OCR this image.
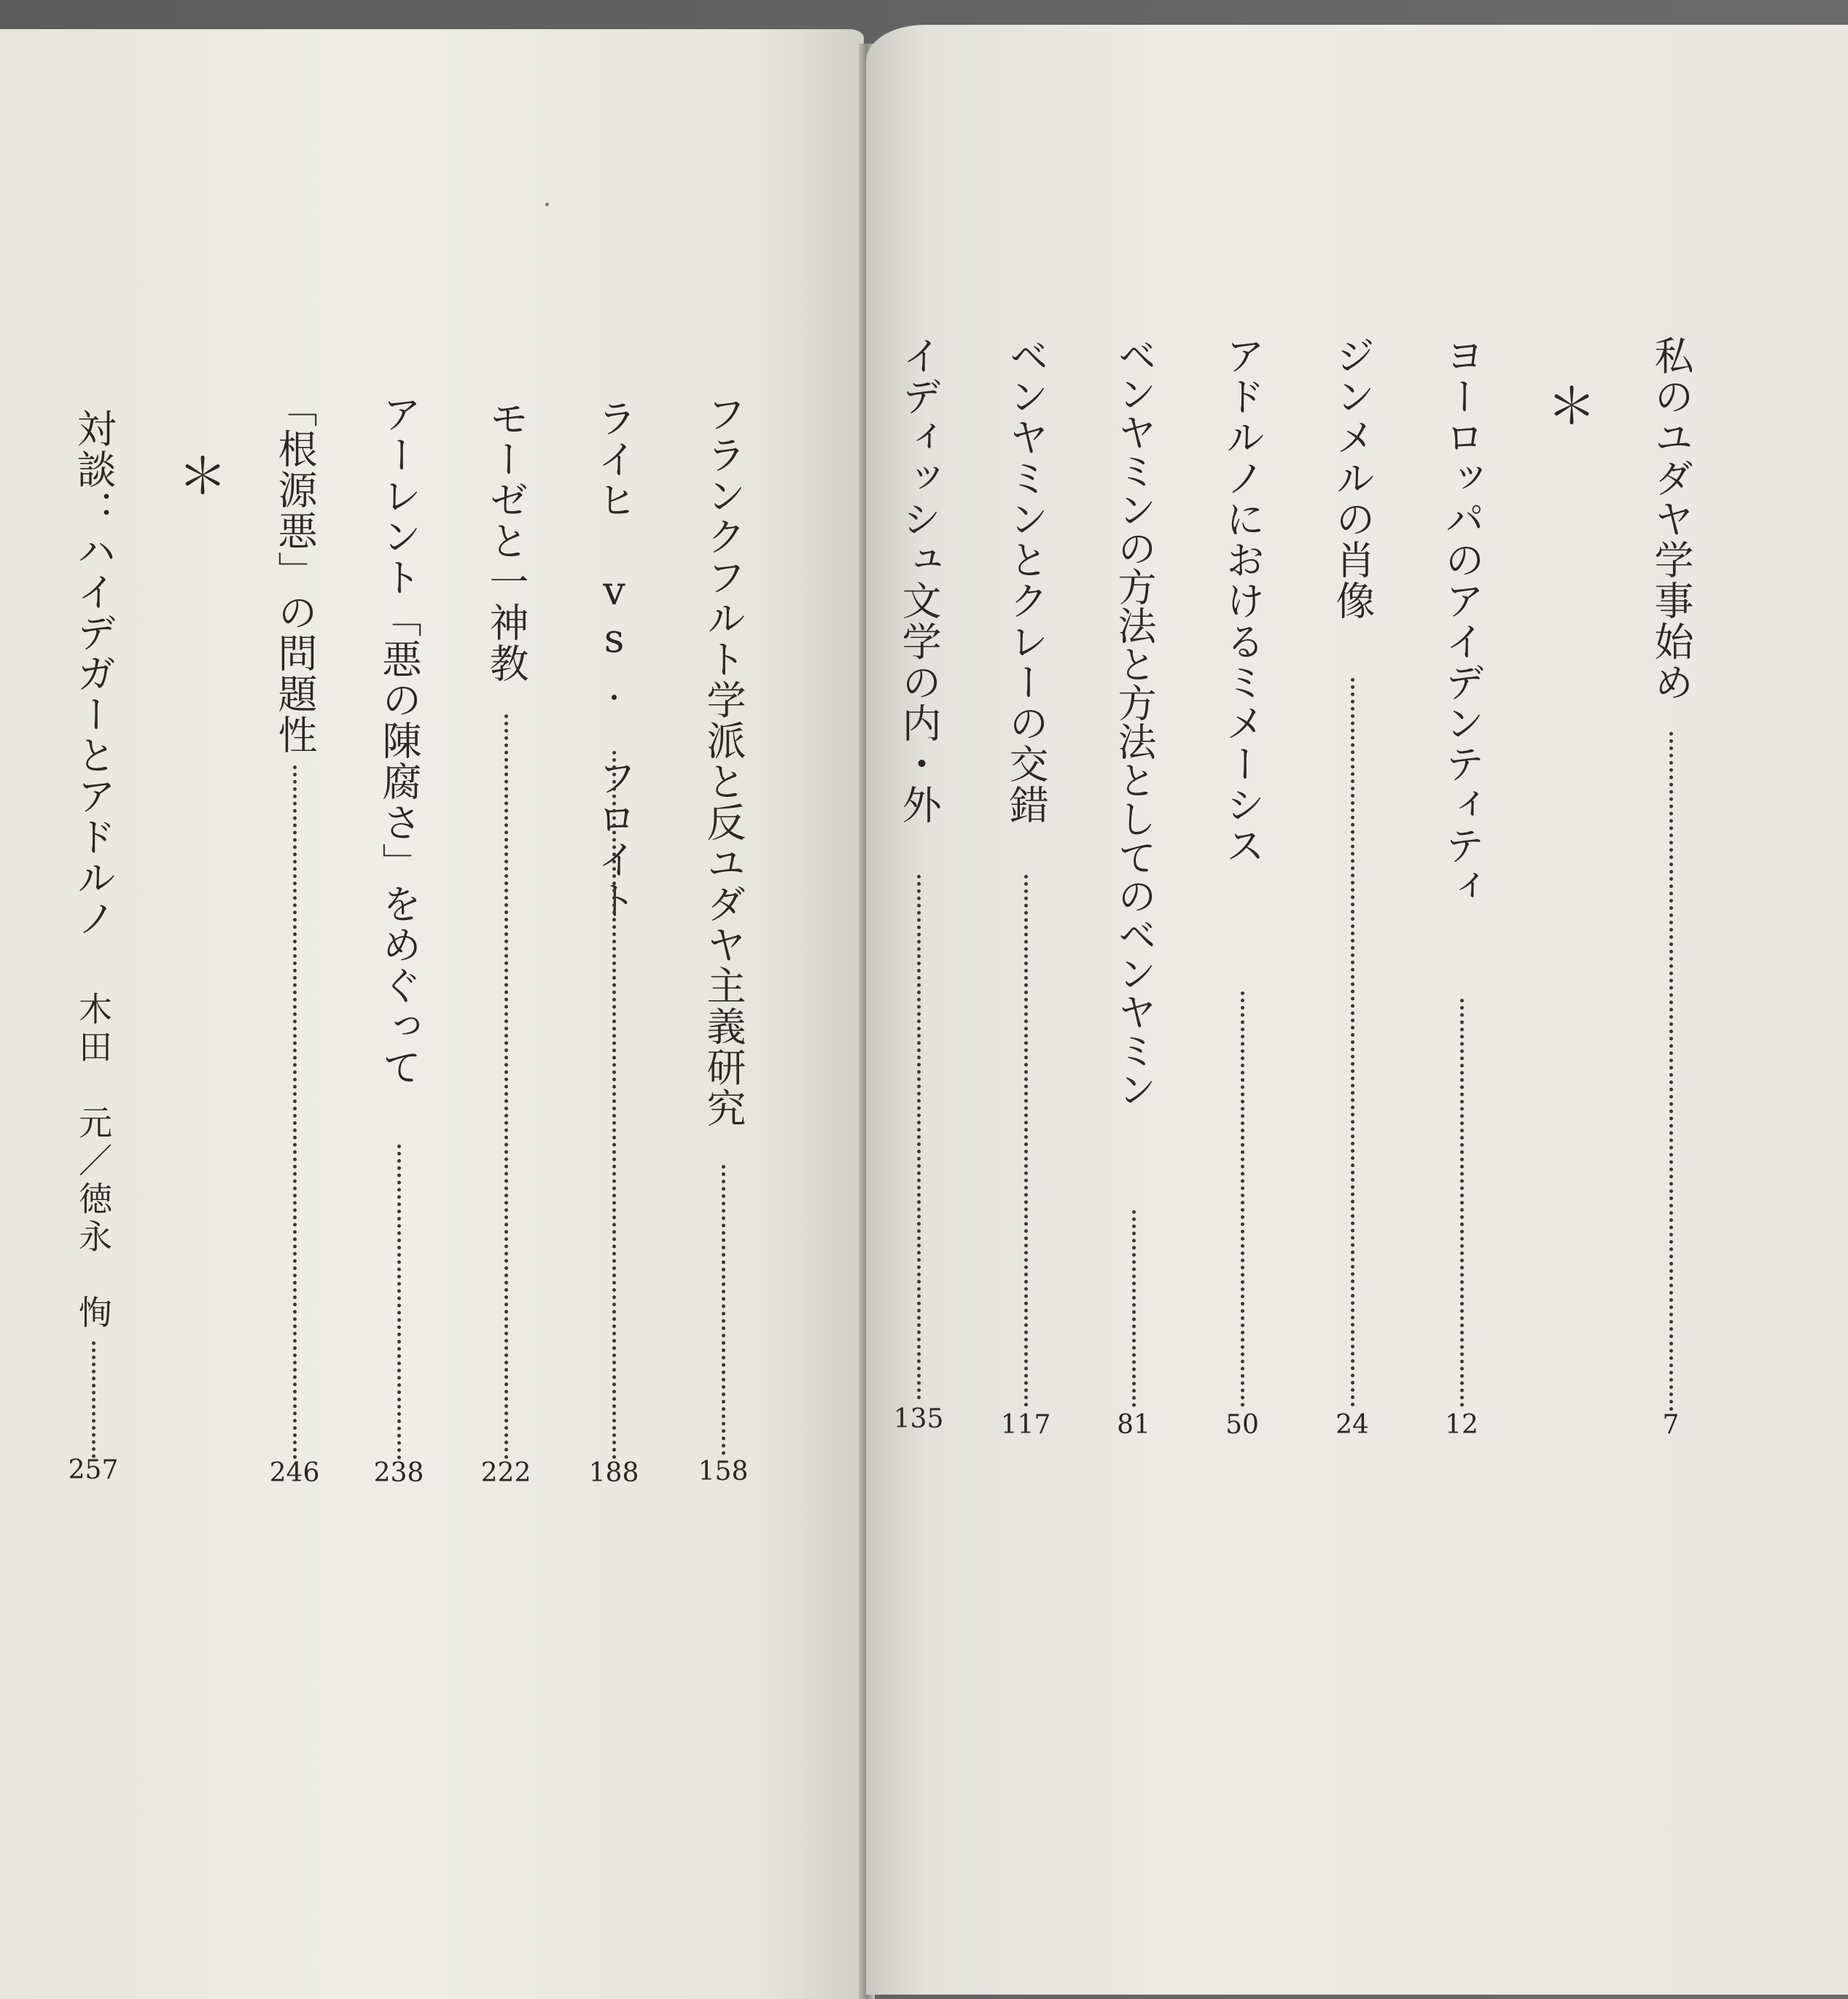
フランクフルト学派と反ユダヤ主義研究
158
ライヒ vs. フロイト
188
モーゼと一神教
222
アーレント「悪の陳腐さ」をめぐって
238
「根源悪」の問題性
246
＊
対談：ハイデガーとアドルノ
木田　元／徳永　恂
257
私のユダヤ学事始め
7
＊
ヨーロッパのアイデンティティ
12
ジンメルの肖像
24
アドルノにおけるミメーシス
50
ベンヤミンの方法と方法としてのベンヤミン
81
ベンヤミンとクレーの交錯
117
イディッシュ文学の内・外
135
